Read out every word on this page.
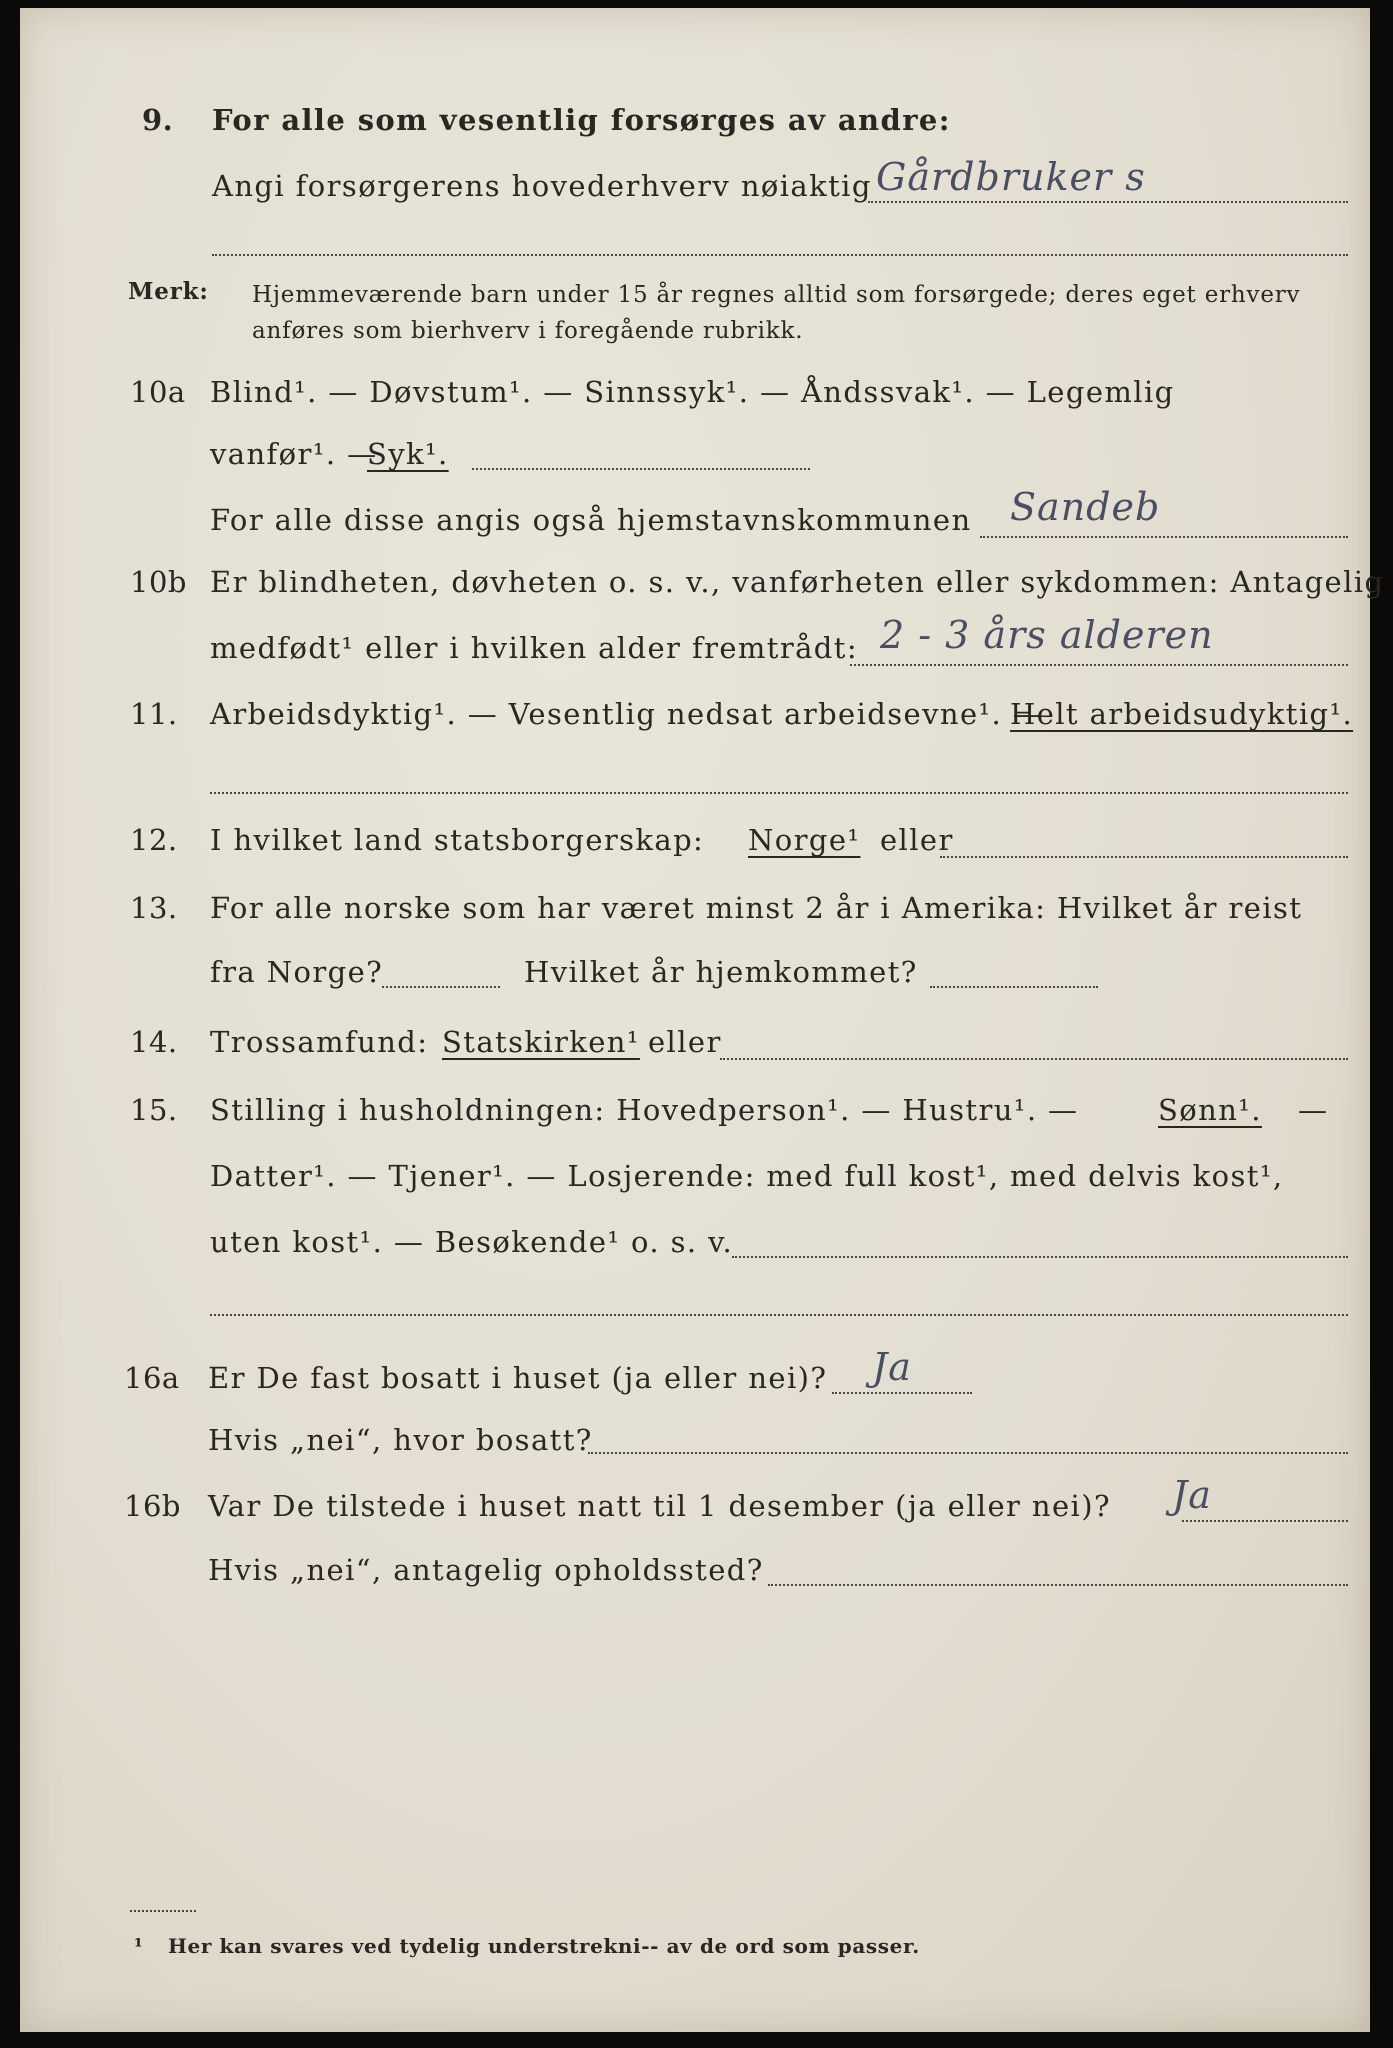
9. For alle som vesentlig forsørges av andre:
Angi forsørgerens hovederhverv nøiaktig Gårdbruker s
Merk: Hjemmeværende barn under 15 år regnes alltid som forsørgede; deres eget erhverv
anføres som bierhverv i foregående rubrikk.
10a Blind¹. — Døvstum¹. — Sinnssyk¹. — Åndssvak¹. — Legemlig
vanfør¹. —
Syk¹.
For alle disse angis også hjemstavnskommunen Sandeb
10b Er blindheten, døvheten o. s. v., vanførheten eller sykdommen: Antagelig
medfødt¹ eller i hvilken alder fremtrådt: 2 - 3 års alderen
11. Arbeidsdyktig¹. — Vesentlig nedsat arbeidsevne¹. —
Helt arbeidsudyktig¹.
12. I hvilket land statsborgerskap: Norge¹ eller
13. For alle norske som har været minst 2 år i Amerika: Hvilket år reist
fra Norge?	Hvilket år hjemkommet?
14. Trossamfund: Statskirken¹ eller
15. Stilling i husholdningen: Hovedperson¹. — Hustru¹. —	Sønn¹. —
Datter¹. — Tjener¹. — Losjerende: med full kost¹, med delvis kost¹,
uten kost¹. — Besøkende¹ o. s. v.
16a Er De fast bosatt i huset (ja eller nei)? Ja
Hvis „nei“, hvor bosatt?
16b Var De tilstede i huset natt til 1 desember (ja eller nei)? Ja
Hvis „nei“, antagelig opholdssted?
¹ Her kan svares ved tydelig understrekni-- av de ord som passer.
